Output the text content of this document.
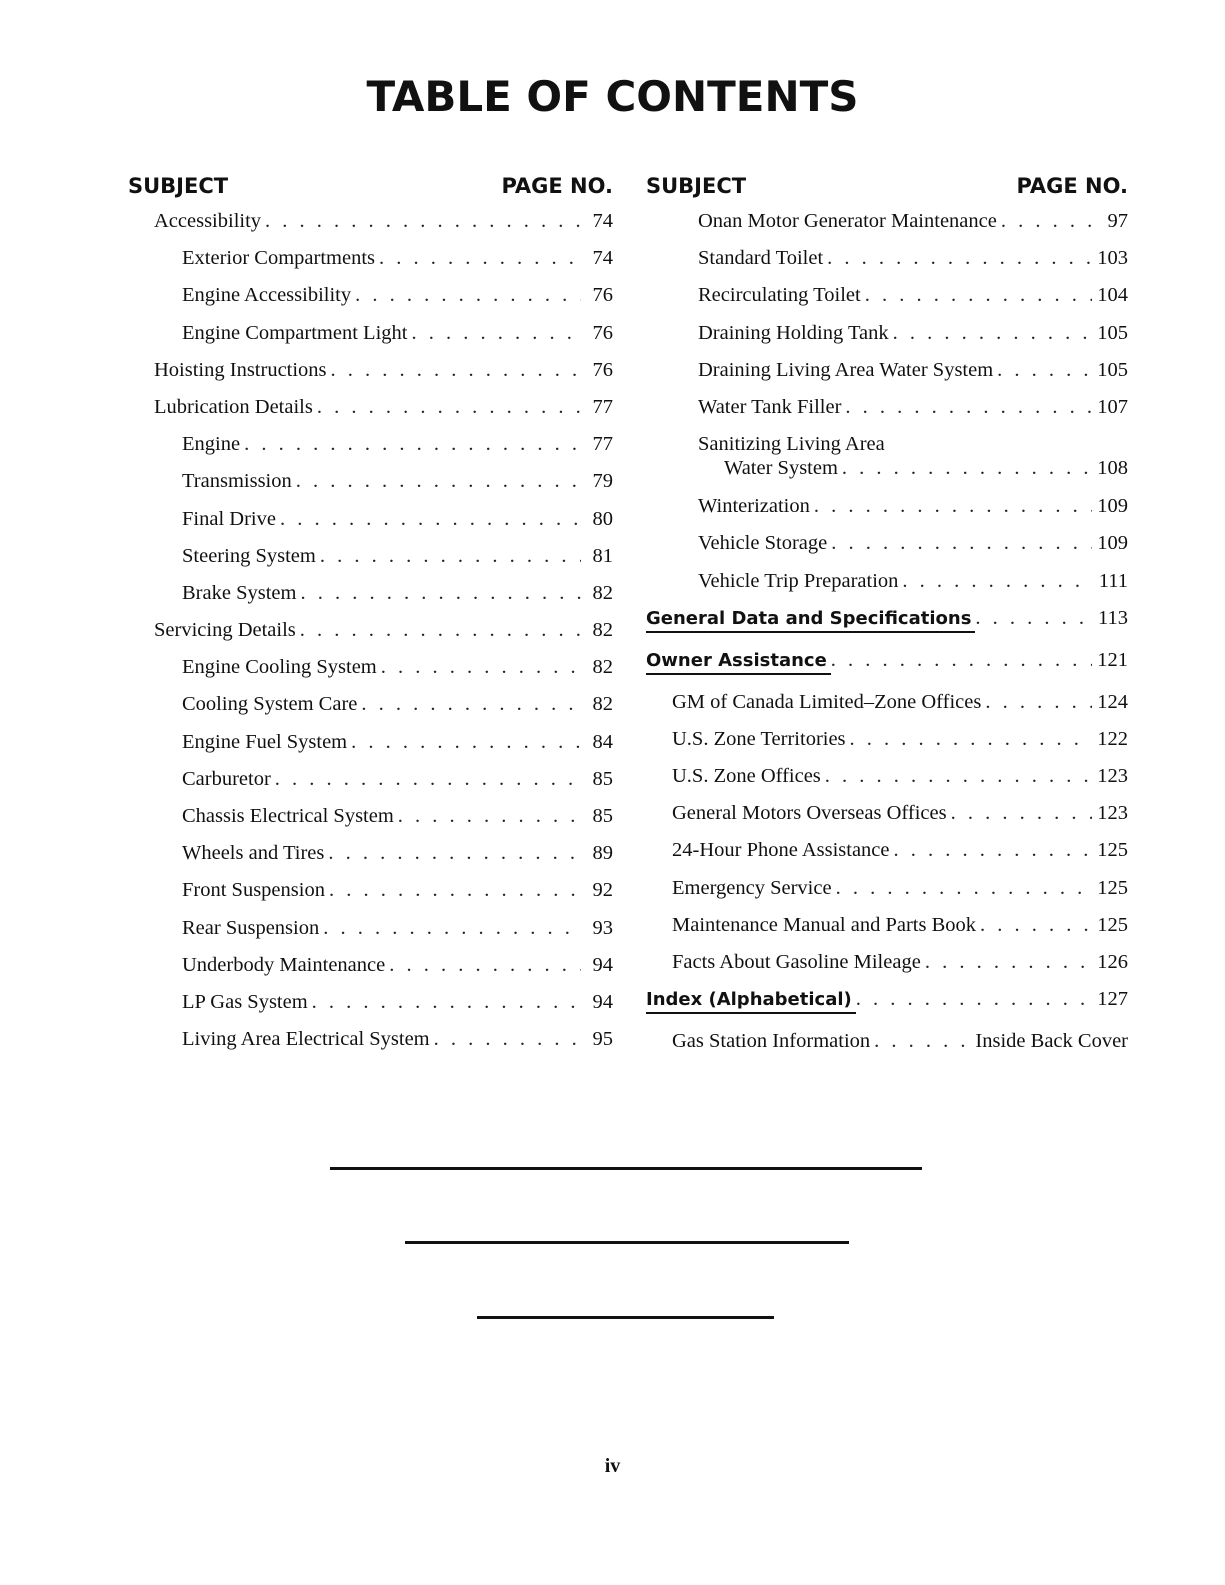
TABLE OF CONTENTS
SUBJECT	PAGE NO.
Accessibility . . .	74
Exterior Compartments . . .	74
Engine Accessibility . . .	76
Engine Compartment Light . . .	76
Hoisting Instructions . . .	76
Lubrication Details . . .	77
Engine . . .	77
Transmission . . .	79
Final Drive . . .	80
Steering System . . .	81
Brake System . . .	82
Servicing Details . . .	82
Engine Cooling System . . .	82
Cooling System Care . . .	82
Engine Fuel System . . .	84
Carburetor . . .	85
Chassis Electrical System . . .	85
Wheels and Tires . . .	89
Front Suspension . . .	92
Rear Suspension . . .	93
Underbody Maintenance . . .	94
LP Gas System . . .	94
Living Area Electrical System . . .	95
SUBJECT	PAGE NO.
Onan Motor Generator Maintenance . . .	97
Standard Toilet . . .	103
Recirculating Toilet . . .	104
Draining Holding Tank . . .	105
Draining Living Area Water System . . .	105
Water Tank Filler . . .	107
Sanitizing Living Area
Water System . . .	108
Winterization . . .	109
Vehicle Storage . . .	109
Vehicle Trip Preparation . . .	111
General Data and Specifications . . .	113
Owner Assistance . . .	121
GM of Canada Limited–Zone Offices . . .	124
U.S. Zone Territories . . .	122
U.S. Zone Offices . . .	123
General Motors Overseas Offices . . .	123
24-Hour Phone Assistance . . .	125
Emergency Service . . .	125
Maintenance Manual and Parts Book . . .	125
Facts About Gasoline Mileage . . .	126
Index (Alphabetical) . . .	127
Gas Station Information . . .	Inside Back Cover
iv
